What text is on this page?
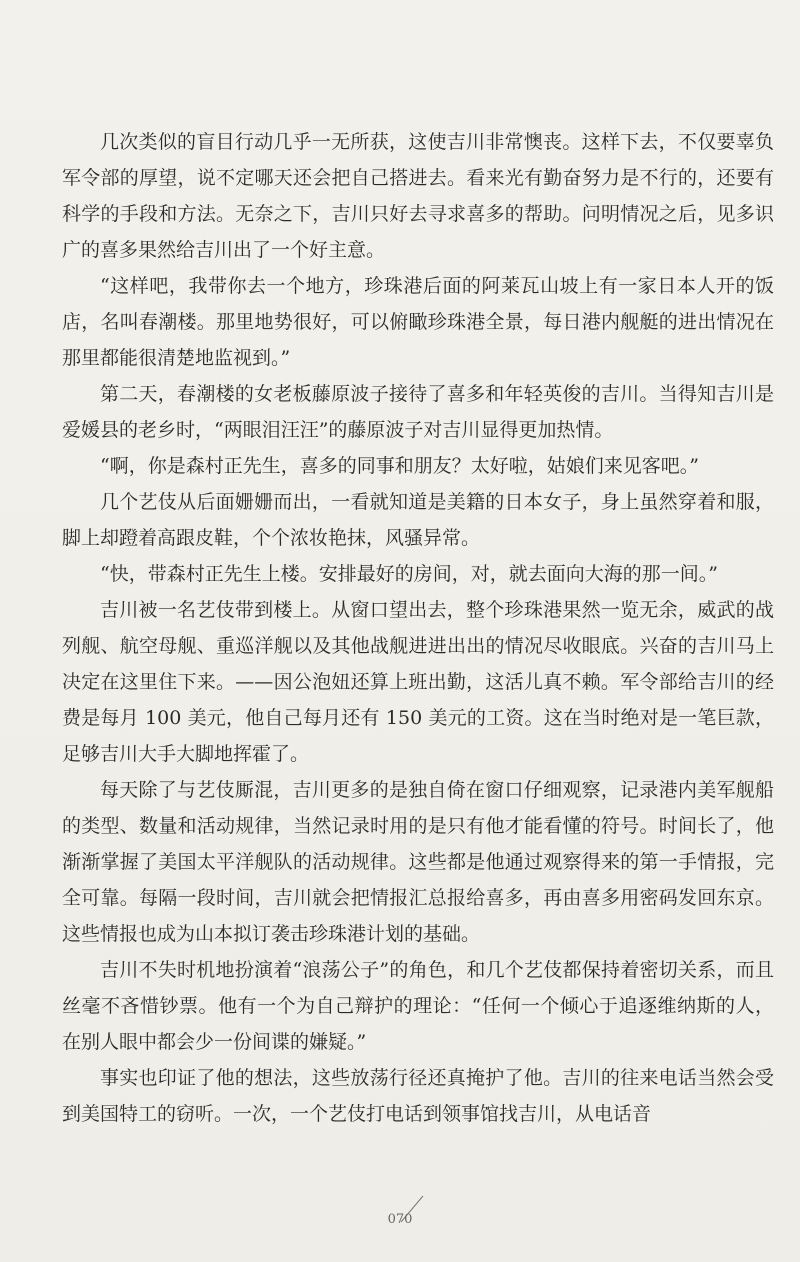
几次类似的盲目行动几乎一无所获，这使吉川非常懊丧。这样下去，不仅要辜负军令部的厚望，说不定哪天还会把自己搭进去。看来光有勤奋努力是不行的，还要有科学的手段和方法。无奈之下，吉川只好去寻求喜多的帮助。问明情况之后，见多识广的喜多果然给吉川出了一个好主意。

“这样吧，我带你去一个地方，珍珠港后面的阿莱瓦山坡上有一家日本人开的饭店，名叫春潮楼。那里地势很好，可以俯瞰珍珠港全景，每日港内舰艇的进出情况在那里都能很清楚地监视到。”

第二天，春潮楼的女老板藤原波子接待了喜多和年轻英俊的吉川。当得知吉川是爱媛县的老乡时，“两眼泪汪汪”的藤原波子对吉川显得更加热情。

“啊，你是森村正先生，喜多的同事和朋友？太好啦，姑娘们来见客吧。”

几个艺伎从后面姗姗而出，一看就知道是美籍的日本女子，身上虽然穿着和服，脚上却蹬着高跟皮鞋，个个浓妆艳抹，风骚异常。

“快，带森村正先生上楼。安排最好的房间，对，就去面向大海的那一间。”

吉川被一名艺伎带到楼上。从窗口望出去，整个珍珠港果然一览无余，威武的战列舰、航空母舰、重巡洋舰以及其他战舰进进出出的情况尽收眼底。兴奋的吉川马上决定在这里住下来。——因公泡妞还算上班出勤，这活儿真不赖。军令部给吉川的经费是每月 100 美元，他自己每月还有 150 美元的工资。这在当时绝对是一笔巨款，足够吉川大手大脚地挥霍了。

每天除了与艺伎厮混，吉川更多的是独自倚在窗口仔细观察，记录港内美军舰船的类型、数量和活动规律，当然记录时用的是只有他才能看懂的符号。时间长了，他渐渐掌握了美国太平洋舰队的活动规律。这些都是他通过观察得来的第一手情报，完全可靠。每隔一段时间，吉川就会把情报汇总报给喜多，再由喜多用密码发回东京。这些情报也成为山本拟订袭击珍珠港计划的基础。

吉川不失时机地扮演着“浪荡公子”的角色，和几个艺伎都保持着密切关系，而且丝毫不吝惜钞票。他有一个为自己辩护的理论：“任何一个倾心于追逐维纳斯的人，在别人眼中都会少一份间谍的嫌疑。”

事实也印证了他的想法，这些放荡行径还真掩护了他。吉川的往来电话当然会受到美国特工的窃听。一次，一个艺伎打电话到领事馆找吉川，从电话音

070
